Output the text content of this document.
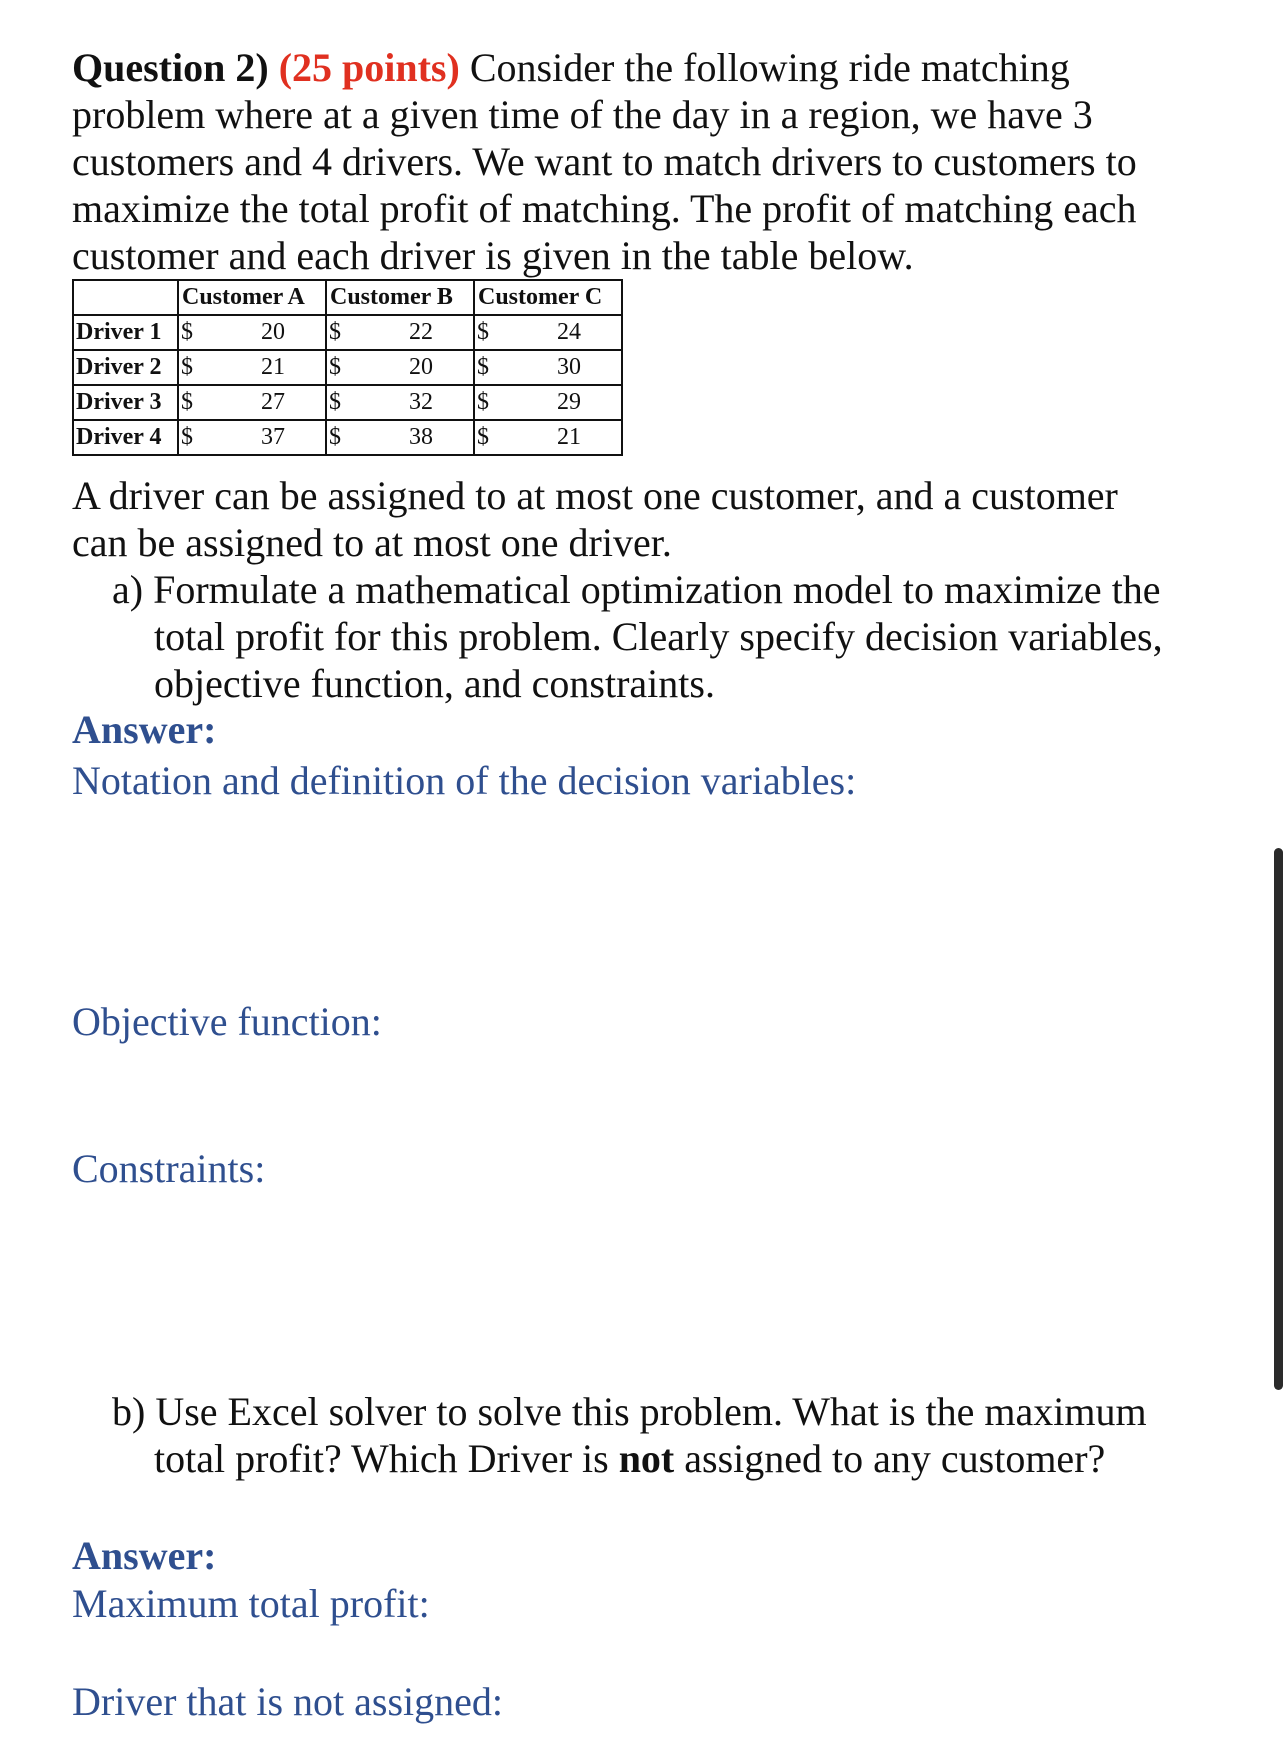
Question 2) (25 points) Consider the following ride matching problem where at a given time of the day in a region, we have 3 customers and 4 drivers. We want to match drivers to customers to maximize the total profit of matching. The profit of matching each customer and each driver is given in the table below.

	Customer A	Customer B	Customer C
Driver 1	$ 20	$ 22	$ 24

Driver 2	$ 21	$ 20	$ 30

Driver 3	$ 27	$ 32	$ 29

Driver 4	$ 37	$ 38	$ 21

A driver can be assigned to at most one customer, and a customer can be assigned to at most one driver.

a) Formulate a mathematical optimization model to maximize the total profit for this problem. Clearly specify decision variables, objective function, and constraints.

Answer:

Notation and definition of the decision variables:

Objective function:

Constraints:

b) Use Excel solver to solve this problem. What is the maximum total profit? Which Driver is not assigned to any customer?

Answer:

Maximum total profit:

Driver that is not assigned:
